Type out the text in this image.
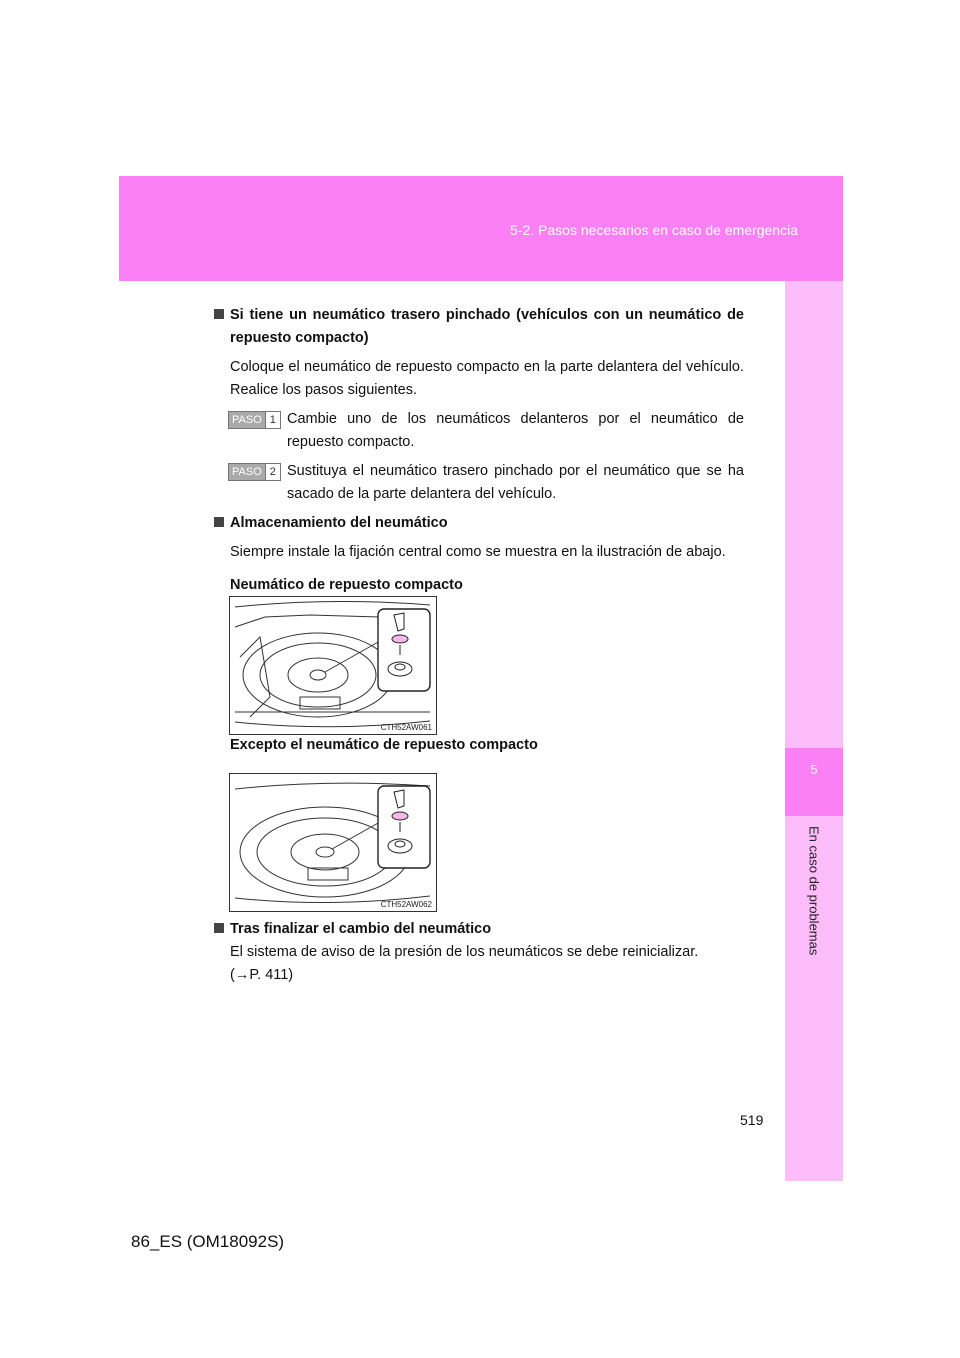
5-2. Pasos necesarios en caso de emergencia
5
En caso de problemas
Si tiene un neumático trasero pinchado (vehículos con un neumático de repuesto compacto)
Coloque el neumático de repuesto compacto en la parte delantera del vehículo. Realice los pasos siguientes.
PASO 1 Cambie uno de los neumáticos delanteros por el neumático de repuesto compacto.
PASO 2 Sustituya el neumático trasero pinchado por el neumático que se ha sacado de la parte delantera del vehículo.
Almacenamiento del neumático
Siempre instale la fijación central como se muestra en la ilustración de abajo.
Neumático de repuesto compacto
CTH52AW061
Excepto el neumático de repuesto compacto
CTH52AW062
Tras finalizar el cambio del neumático
El sistema de aviso de la presión de los neumáticos se debe reinicializar.
(→P. 411)
519
86_ES (OM18092S)
